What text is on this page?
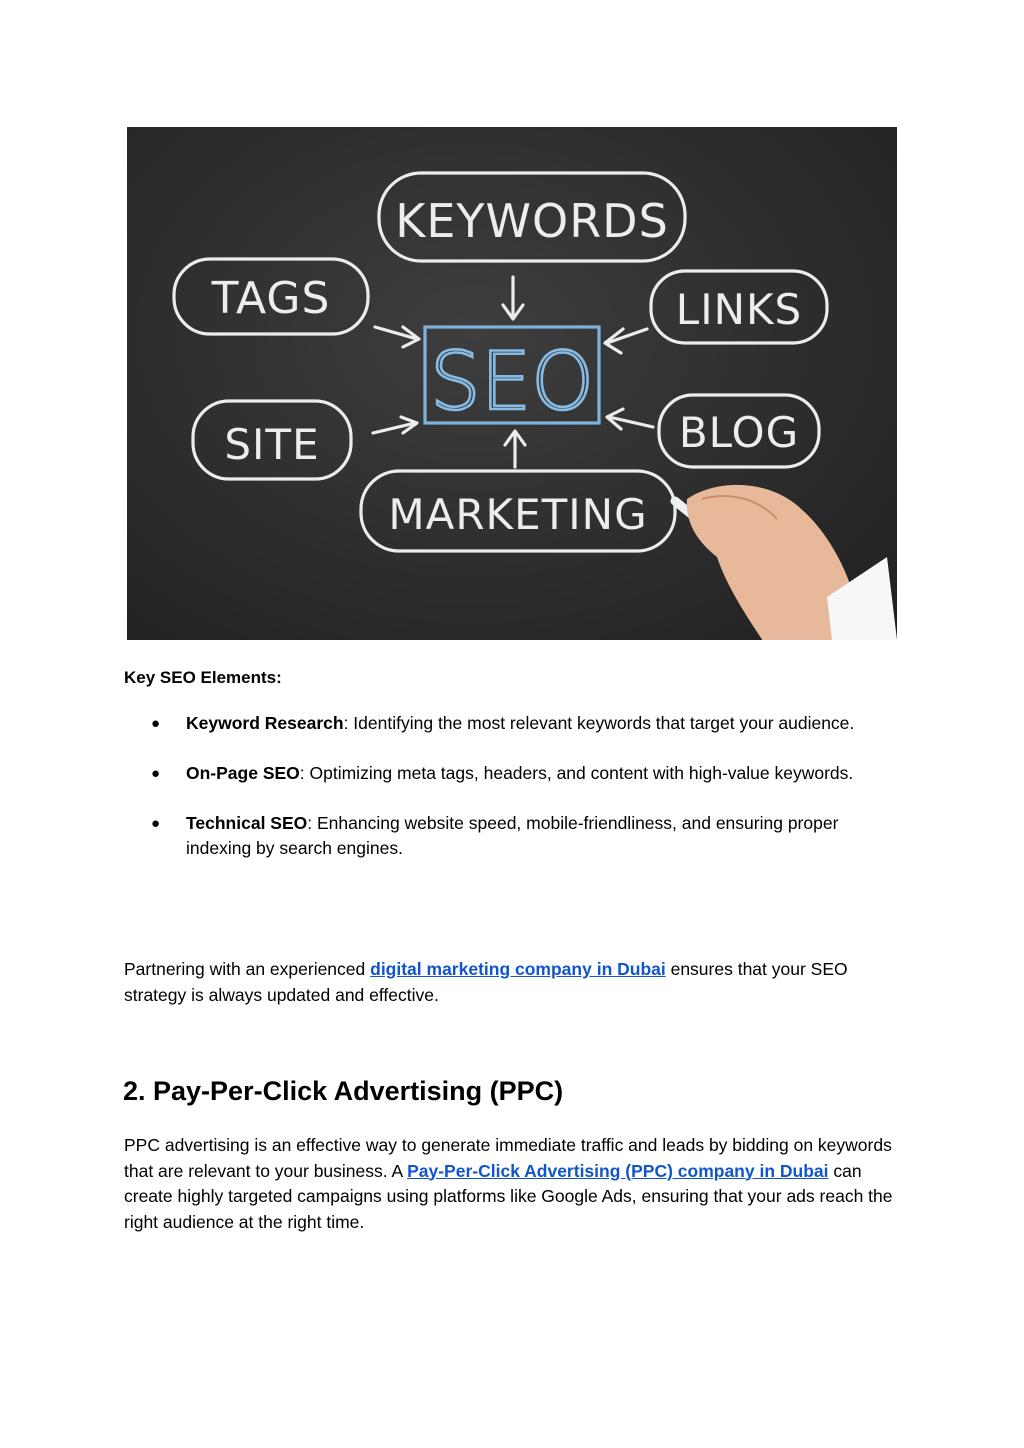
KEYWORDS
TAGS	LINKS
SITE	BLOG
MARKETING
SEO

Key SEO Elements:

● Keyword Research: Identifying the most relevant keywords that target your audience.
● On-Page SEO: Optimizing meta tags, headers, and content with high-value keywords.
● Technical SEO: Enhancing website speed, mobile-friendliness, and ensuring proper indexing by search engines.

Partnering with an experienced digital marketing company in Dubai ensures that your SEO strategy is always updated and effective.

2. Pay-Per-Click Advertising (PPC)

PPC advertising is an effective way to generate immediate traffic and leads by bidding on keywords that are relevant to your business. A Pay-Per-Click Advertising (PPC) company in Dubai can create highly targeted campaigns using platforms like Google Ads, ensuring that your ads reach the right audience at the right time.
